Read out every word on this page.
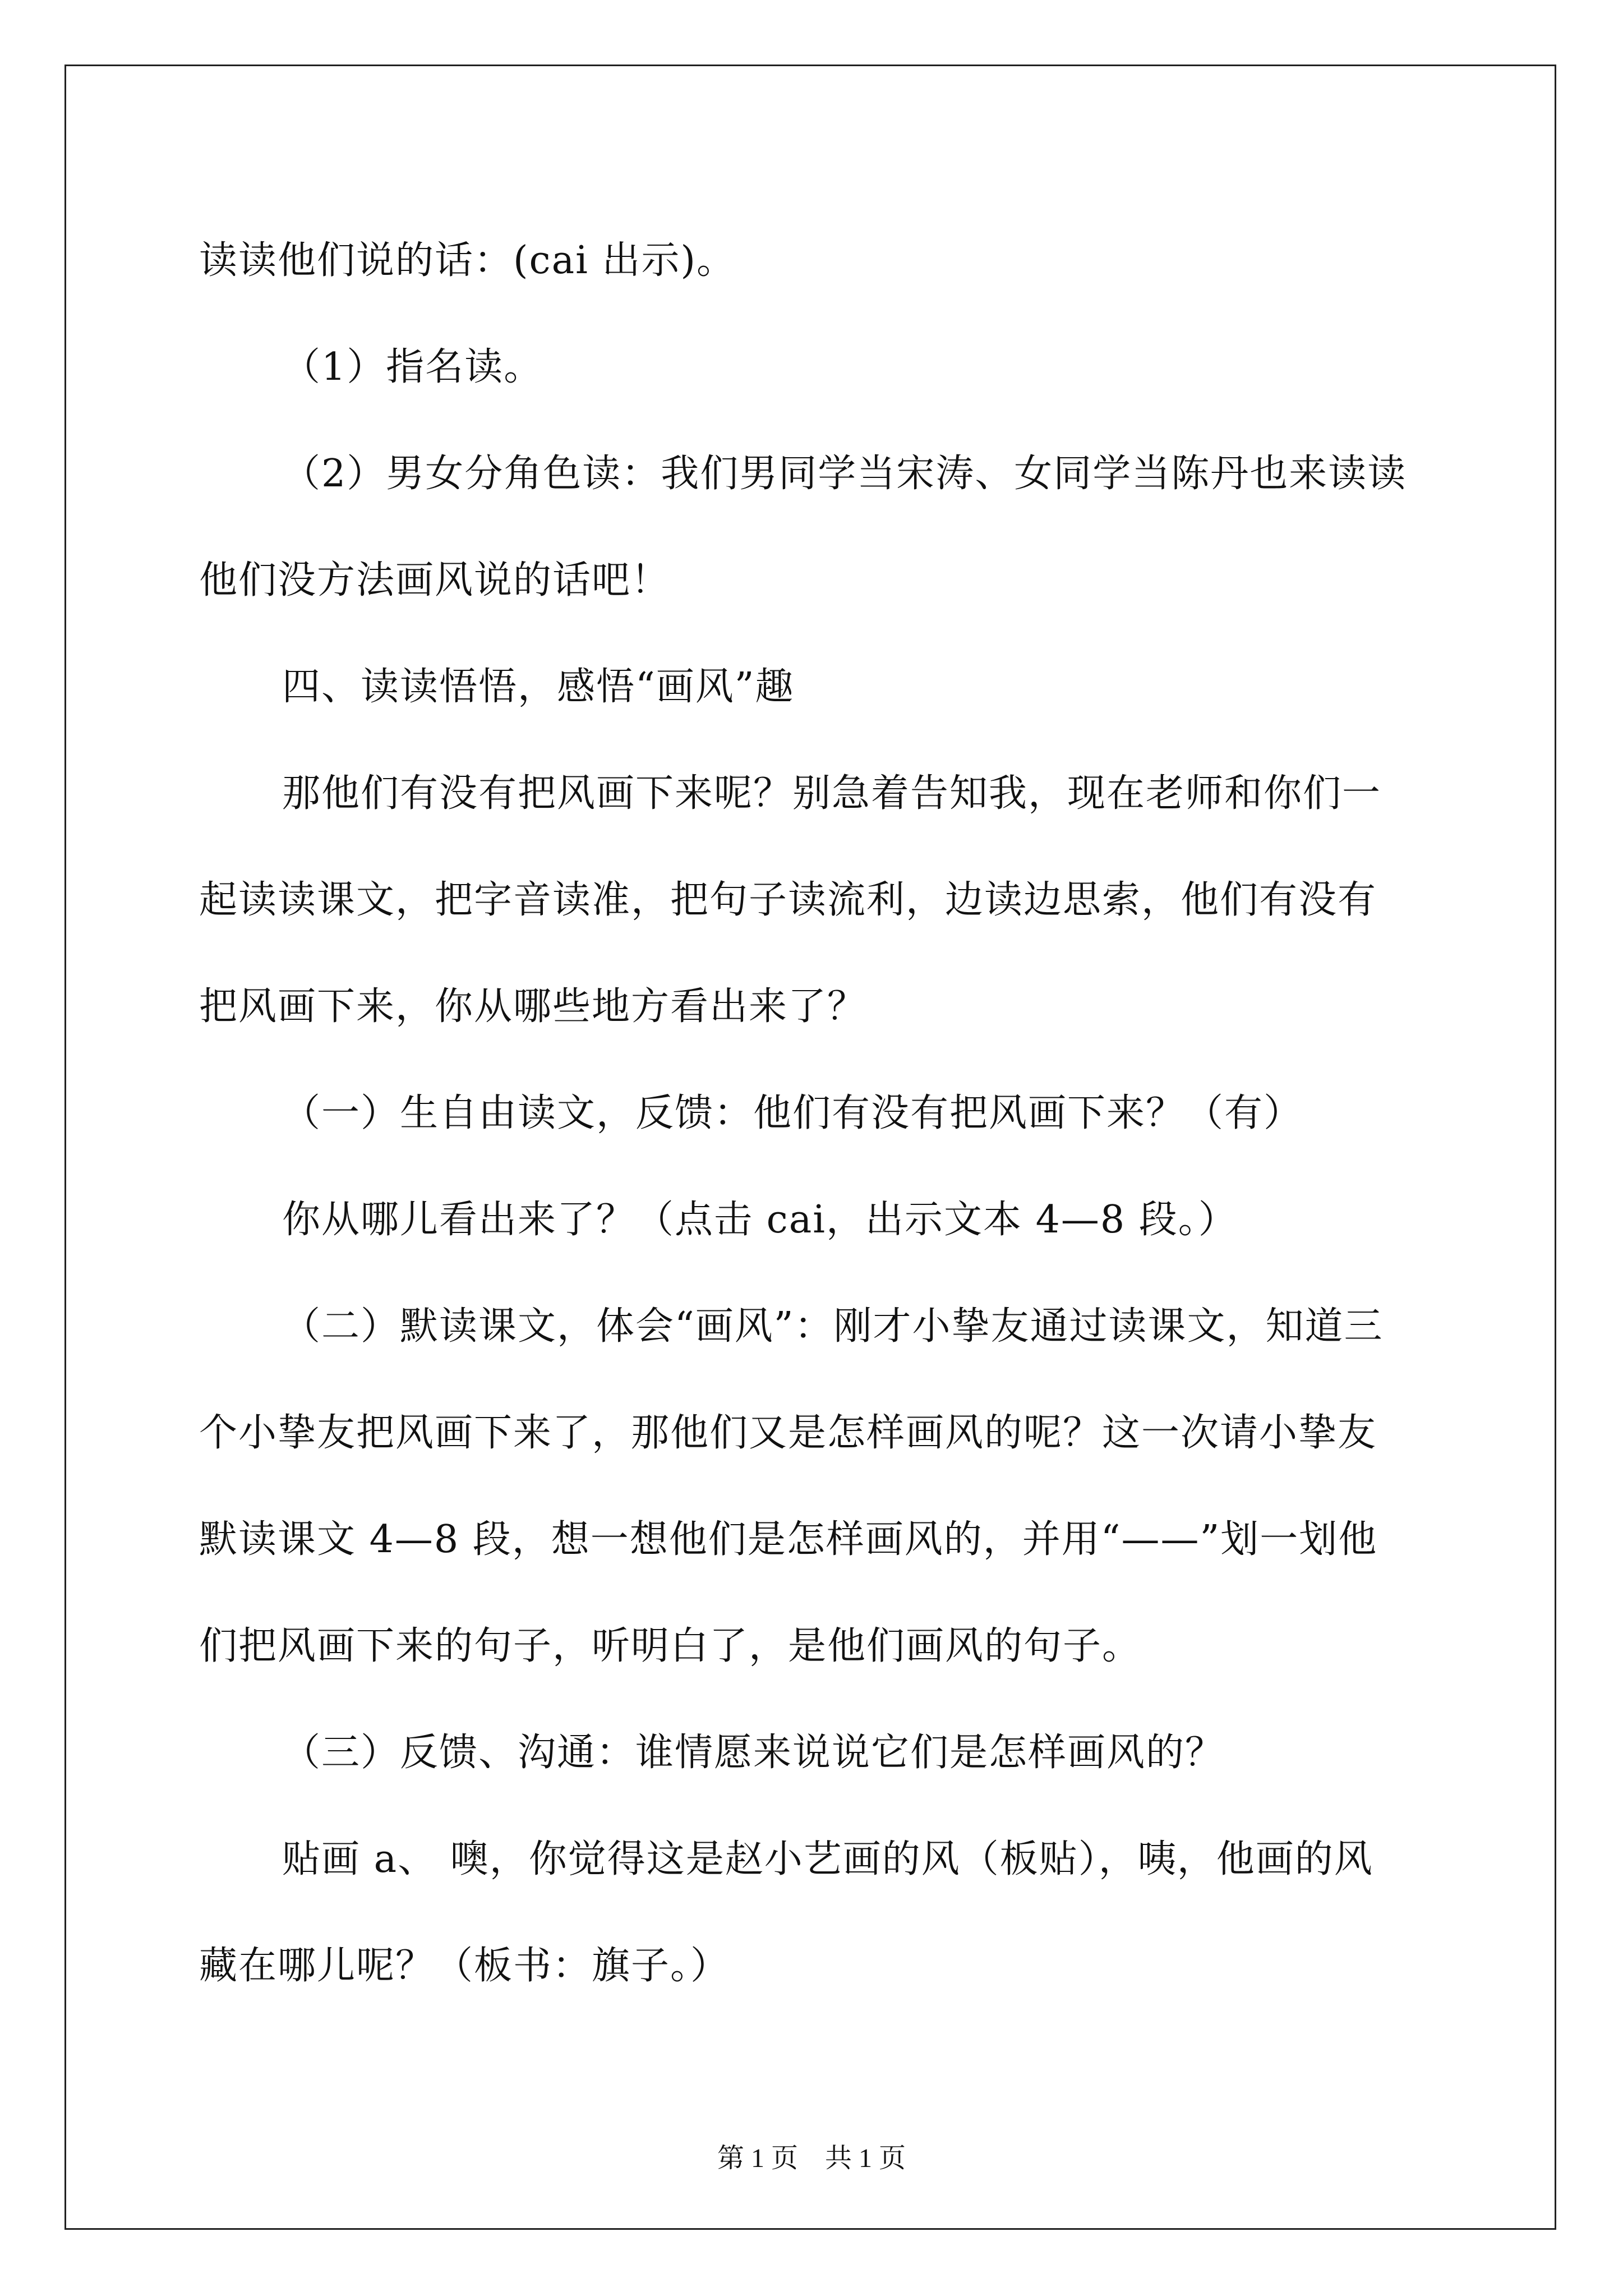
读读他们说的话：(cai 出示)。
（1）指名读。
（2）男女分角色读：我们男同学当宋涛、女同学当陈丹也来读读
他们没方法画风说的话吧！
四、读读悟悟，感悟“画风”趣
那他们有没有把风画下来呢？别急着告知我，现在老师和你们一
起读读课文，把字音读准，把句子读流利，边读边思索，他们有没有
把风画下来，你从哪些地方看出来了？
（一）生自由读文，反馈：他们有没有把风画下来？（有）
你从哪儿看出来了？（点击 cai，出示文本 4—8 段。）
（二）默读课文，体会“画风”：刚才小挚友通过读课文，知道三
个小挚友把风画下来了，那他们又是怎样画风的呢？这一次请小挚友
默读课文 4—8 段，想一想他们是怎样画风的，并用“——”划一划他
们把风画下来的句子，听明白了，是他们画风的句子。
（三）反馈、沟通：谁情愿来说说它们是怎样画风的？
贴画 a、 噢，你觉得这是赵小艺画的风（板贴），咦，他画的风
藏在哪儿呢？（板书：旗子。）
第 1 页　共 1 页
